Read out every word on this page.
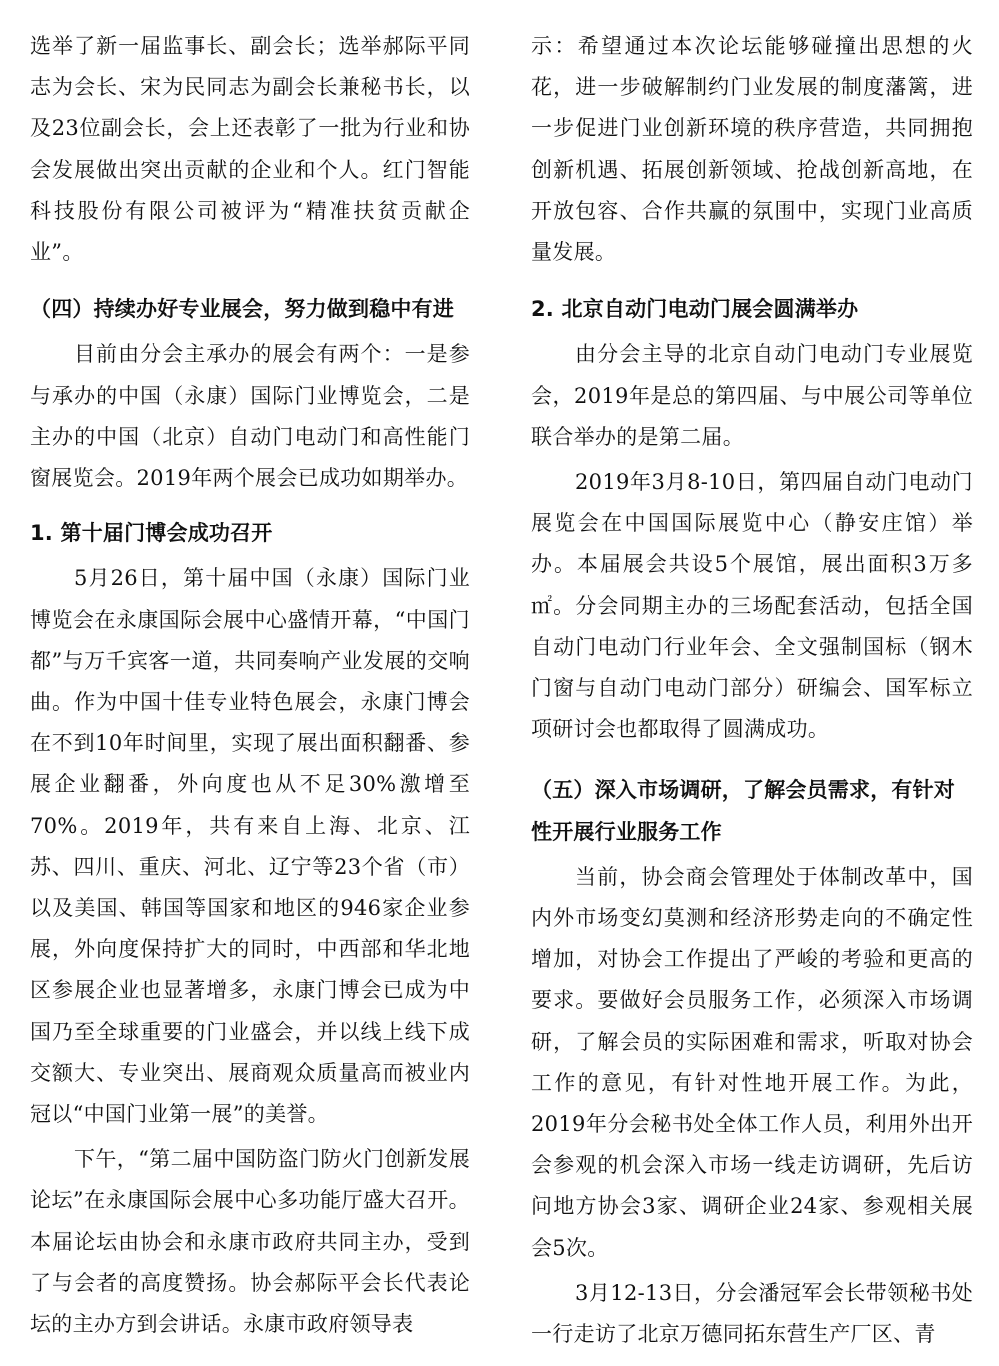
选举了新一届监事长、副会长；选举郝际平同志为会长、宋为民同志为副会长兼秘书长，以及23位副会长，会上还表彰了一批为行业和协会发展做出突出贡献的企业和个人。红门智能科技股份有限公司被评为“精准扶贫贡献企业”。

（四）持续办好专业展会，努力做到稳中有进

目前由分会主承办的展会有两个：一是参与承办的中国（永康）国际门业博览会，二是主办的中国（北京）自动门电动门和高性能门窗展览会。2019年两个展会已成功如期举办。

1. 第十届门博会成功召开

5月26日，第十届中国（永康）国际门业博览会在永康国际会展中心盛情开幕，“中国门都”与万千宾客一道，共同奏响产业发展的交响曲。作为中国十佳专业特色展会，永康门博会在不到10年时间里，实现了展出面积翻番、参展企业翻番，外向度也从不足30%激增至70%。2019年，共有来自上海、北京、江苏、四川、重庆、河北、辽宁等23个省（市）以及美国、韩国等国家和地区的946家企业参展，外向度保持扩大的同时，中西部和华北地区参展企业也显著增多，永康门博会已成为中国乃至全球重要的门业盛会，并以线上线下成交额大、专业突出、展商观众质量高而被业内冠以“中国门业第一展”的美誉。

下午，“第二届中国防盗门防火门创新发展论坛”在永康国际会展中心多功能厅盛大召开。本届论坛由协会和永康市政府共同主办，受到了与会者的高度赞扬。协会郝际平会长代表论坛的主办方到会讲话。永康市政府领导表

示：希望通过本次论坛能够碰撞出思想的火花，进一步破解制约门业发展的制度藩篱，进一步促进门业创新环境的秩序营造，共同拥抱创新机遇、拓展创新领域、抢战创新高地，在开放包容、合作共赢的氛围中，实现门业高质量发展。

2. 北京自动门电动门展会圆满举办

由分会主导的北京自动门电动门专业展览会，2019年是总的第四届、与中展公司等单位联合举办的是第二届。

2019年3月8-10日，第四届自动门电动门展览会在中国国际展览中心（静安庄馆）举办。本届展会共设5个展馆，展出面积3万多㎡。分会同期主办的三场配套活动，包括全国自动门电动门行业年会、全文强制国标（钢木门窗与自动门电动门部分）研编会、国军标立项研讨会也都取得了圆满成功。

（五）深入市场调研，了解会员需求，有针对性开展行业服务工作

当前，协会商会管理处于体制改革中，国内外市场变幻莫测和经济形势走向的不确定性增加，对协会工作提出了严峻的考验和更高的要求。要做好会员服务工作，必须深入市场调研，了解会员的实际困难和需求，听取对协会工作的意见，有针对性地开展工作。为此，2019年分会秘书处全体工作人员，利用外出开会参观的机会深入市场一线走访调研，先后访问地方协会3家、调研企业24家、参观相关展会5次。

3月12-13日，分会潘冠军会长带领秘书处一行走访了北京万德同拓东营生产厂区、青
